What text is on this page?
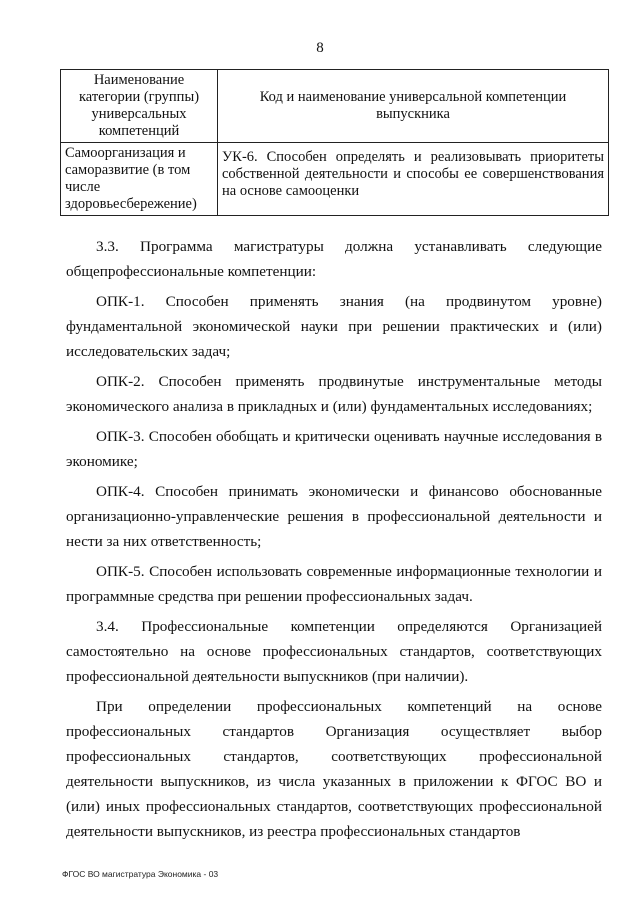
8
Наименование категории (группы) универсальных компетенций	Код и наименование универсальной компетенции выпускника
Самоорганизация и саморазвитие (в том числе здоровьесбережение)	УК-6. Способен определять и реализовывать приоритеты собственной деятельности и способы ее совершенствования на основе самооценки

3.3. Программа магистратуры должна устанавливать следующие общепрофессиональные компетенции:

ОПК-1. Способен применять знания (на продвинутом уровне) фундаментальной экономической науки при решении практических и (или) исследовательских задач;

ОПК-2. Способен применять продвинутые инструментальные методы экономического анализа в прикладных и (или) фундаментальных исследованиях;

ОПК-3. Способен обобщать и критически оценивать научные исследования в экономике;

ОПК-4. Способен принимать экономически и финансово обоснованные организационно-управленческие решения в профессиональной деятельности и нести за них ответственность;

ОПК-5. Способен использовать современные информационные технологии и программные средства при решении профессиональных задач.

3.4. Профессиональные компетенции определяются Организацией самостоятельно на основе профессиональных стандартов, соответствующих профессиональной деятельности выпускников (при наличии).

При определении профессиональных компетенций на основе профессиональных стандартов Организация осуществляет выбор профессиональных стандартов, соответствующих профессиональной деятельности выпускников, из числа указанных в приложении к ФГОС ВО и (или) иных профессиональных стандартов, соответствующих профессиональной деятельности выпускников, из реестра профессиональных стандартов

ФГОС ВО магистратура Экономика - 03
